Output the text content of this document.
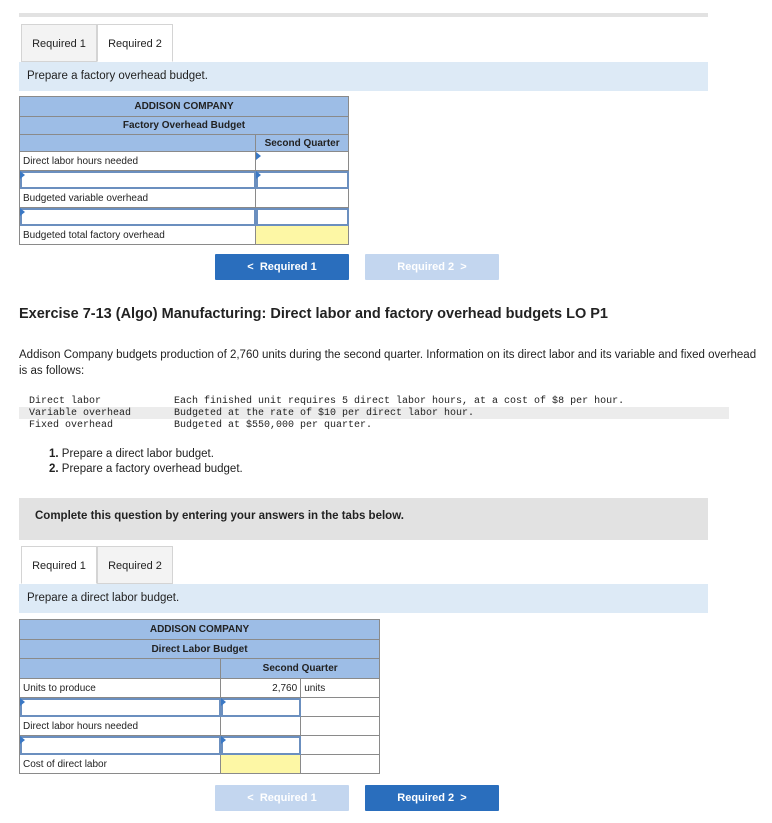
Required 1	Required 2
Prepare a factory overhead budget.
ADDISON COMPANY	
Factory Overhead Budget	
	Second Quarter
Direct labor hours needed	

Budgeted variable overhead	

Budgeted total factory overhead	
< Required 1	Required 2 >
Exercise 7-13 (Algo) Manufacturing: Direct labor and factory overhead budgets LO P1
Addison Company budgets production of 2,760 units during the second quarter. Information on its direct labor and its variable and fixed overhead is as follows:
Direct labor	Each finished unit requires 5 direct labor hours, at a cost of $8 per hour.
Variable overhead	Budgeted at the rate of $10 per direct labor hour.
Fixed overhead	Budgeted at $550,000 per quarter.
1. Prepare a direct labor budget.
2. Prepare a factory overhead budget.
Complete this question by entering your answers in the tabs below.
Required 1	Required 2
Prepare a direct labor budget.
ADDISON COMPANY		
Direct Labor Budget		
	Second Quarter	
Units to produce	2,760	units

Direct labor hours needed		

Cost of direct labor		
< Required 1	Required 2 >
